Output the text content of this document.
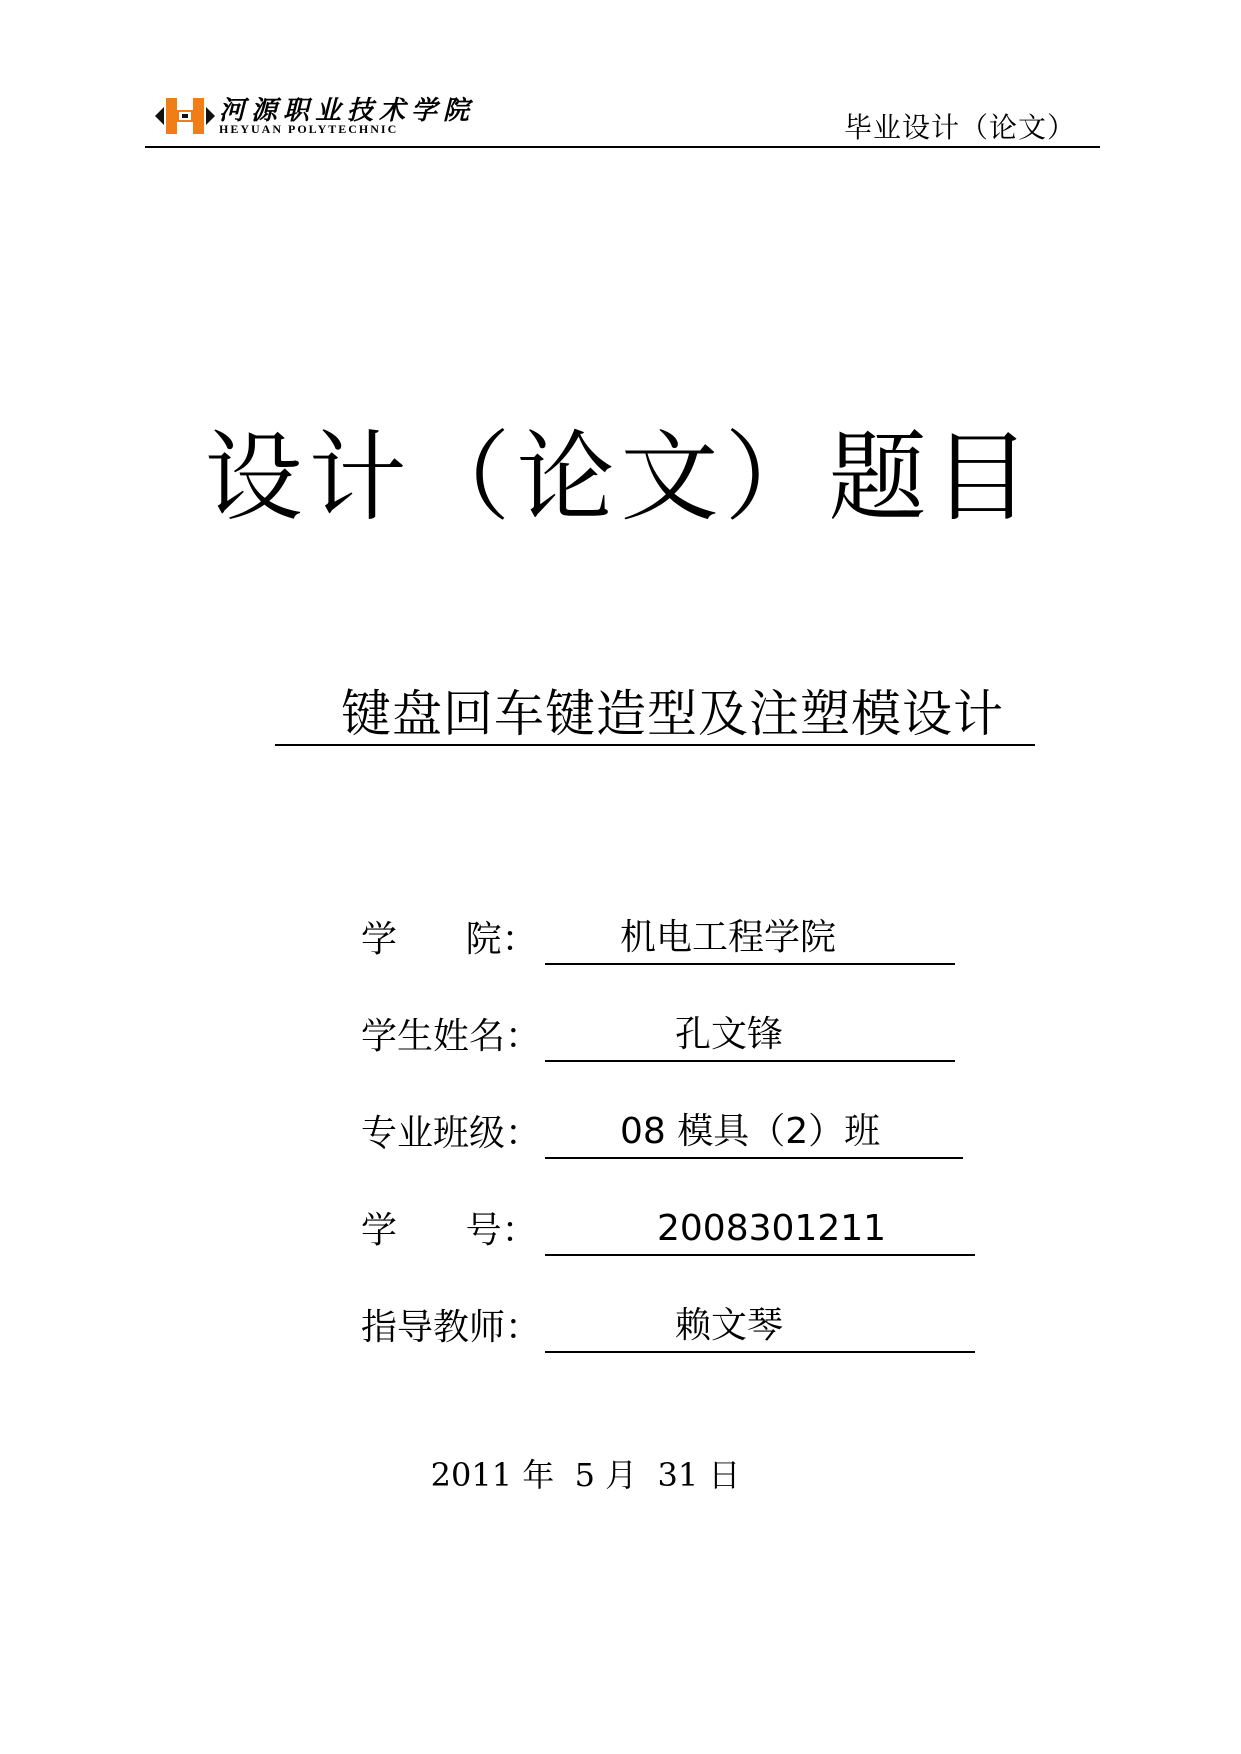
河源职业技术学院
HEYUAN POLYTECHNIC	毕业设计（论文）
设计（论文）题目
键盘回车键造型及注塑模设计
学      院： 机电工程学院
学生姓名：	孔文锋
专业班级： 08 模具（2）班
学      号：	2008301211
指导教师：	赖文琴
2011 年  5 月  31 日
